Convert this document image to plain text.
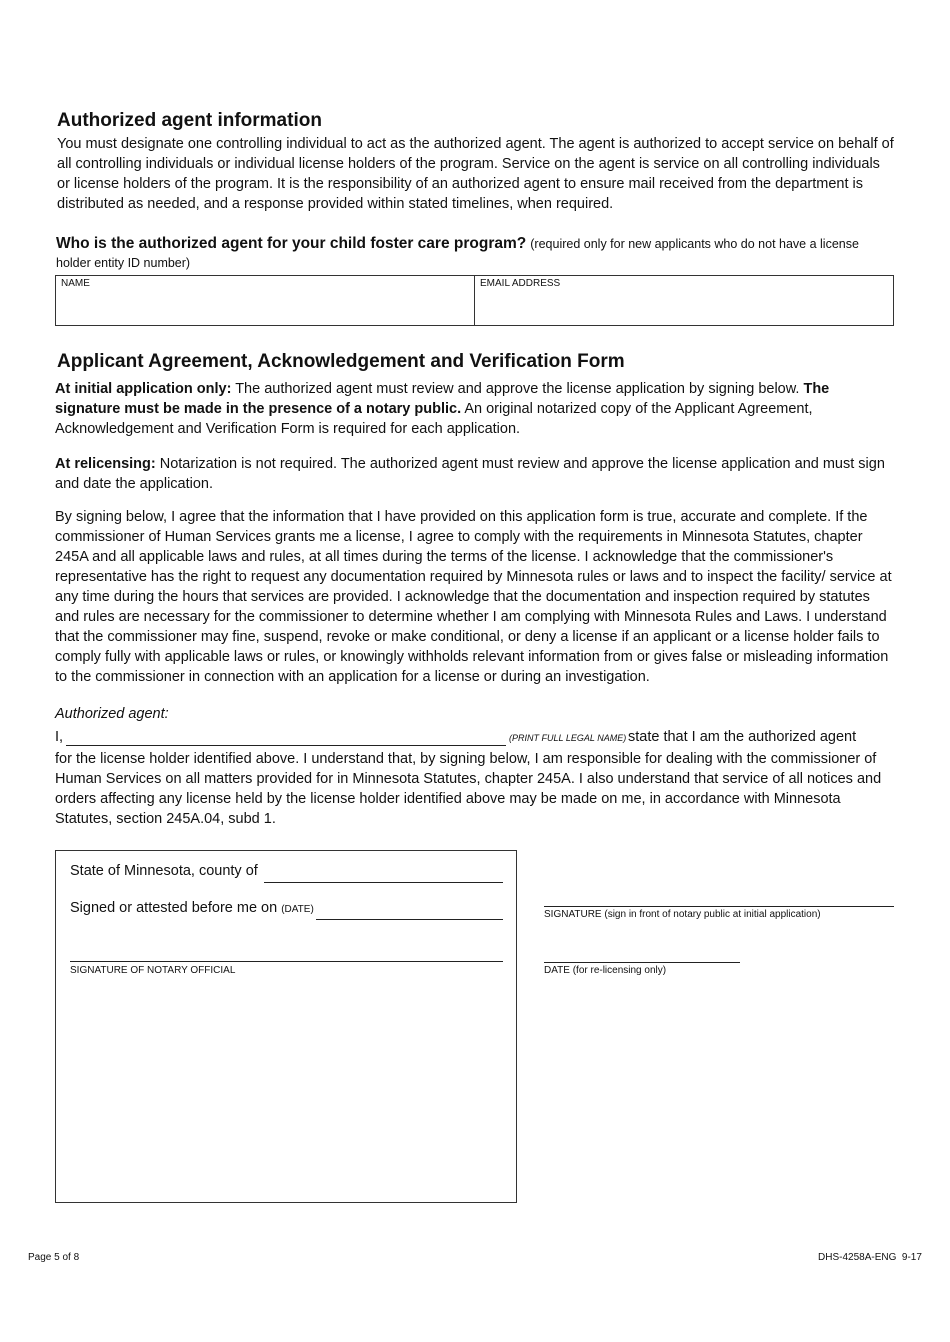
Authorized agent information

You must designate one controlling individual to act as the authorized agent. The agent is authorized to accept service on behalf of all controlling individuals or individual license holders of the program. Service on the agent is service on all controlling individuals or license holders of the program. It is the responsibility of an authorized agent to ensure mail received from the department is distributed as needed, and a response provided within stated timelines, when required.

Who is the authorized agent for your child foster care program? (required only for new applicants who do not have a license holder entity ID number)
NAME	EMAIL ADDRESS
Applicant Agreement, Acknowledgement and Verification Form

At initial application only: The authorized agent must review and approve the license application by signing below. The signature must be made in the presence of a notary public. An original notarized copy of the Applicant Agreement, Acknowledgement and Verification Form is required for each application.

At relicensing: Notarization is not required. The authorized agent must review and approve the license application and must sign and date the application.

By signing below, I agree that the information that I have provided on this application form is true, accurate and complete. If the commissioner of Human Services grants me a license, I agree to comply with the requirements in Minnesota Statutes, chapter 245A and all applicable laws and rules, at all times during the terms of the license. I acknowledge that the commissioner's representative has the right to request any documentation required by Minnesota rules or laws and to inspect the facility/ service at any time during the hours that services are provided. I acknowledge that the documentation and inspection required by statutes and rules are necessary for the commissioner to determine whether I am complying with Minnesota Rules and Laws. I understand that the commissioner may fine, suspend, revoke or make conditional, or deny a license if an applicant or a license holder fails to comply fully with applicable laws or rules, or knowingly withholds relevant information from or gives false or misleading information to the commissioner in connection with an application for a license or during an investigation.

Authorized agent:
I,	(PRINT FULL LEGAL NAME) state that I am the authorized agent

for the license holder identified above. I understand that, by signing below, I am responsible for dealing with the commissioner of Human Services on all matters provided for in Minnesota Statutes, chapter 245A. I also understand that service of all notices and orders affecting any license held by the license holder identified above may be made on me, in accordance with Minnesota Statutes, section 245A.04, subd 1.

State of Minnesota, county of
Signed or attested before me on (DATE)
SIGNATURE OF NOTARY OFFICIAL
SIGNATURE (sign in front of notary public at initial application)
DATE (for re-licensing only)
Page 5 of 8	DHS-4258A-ENG  9-17
